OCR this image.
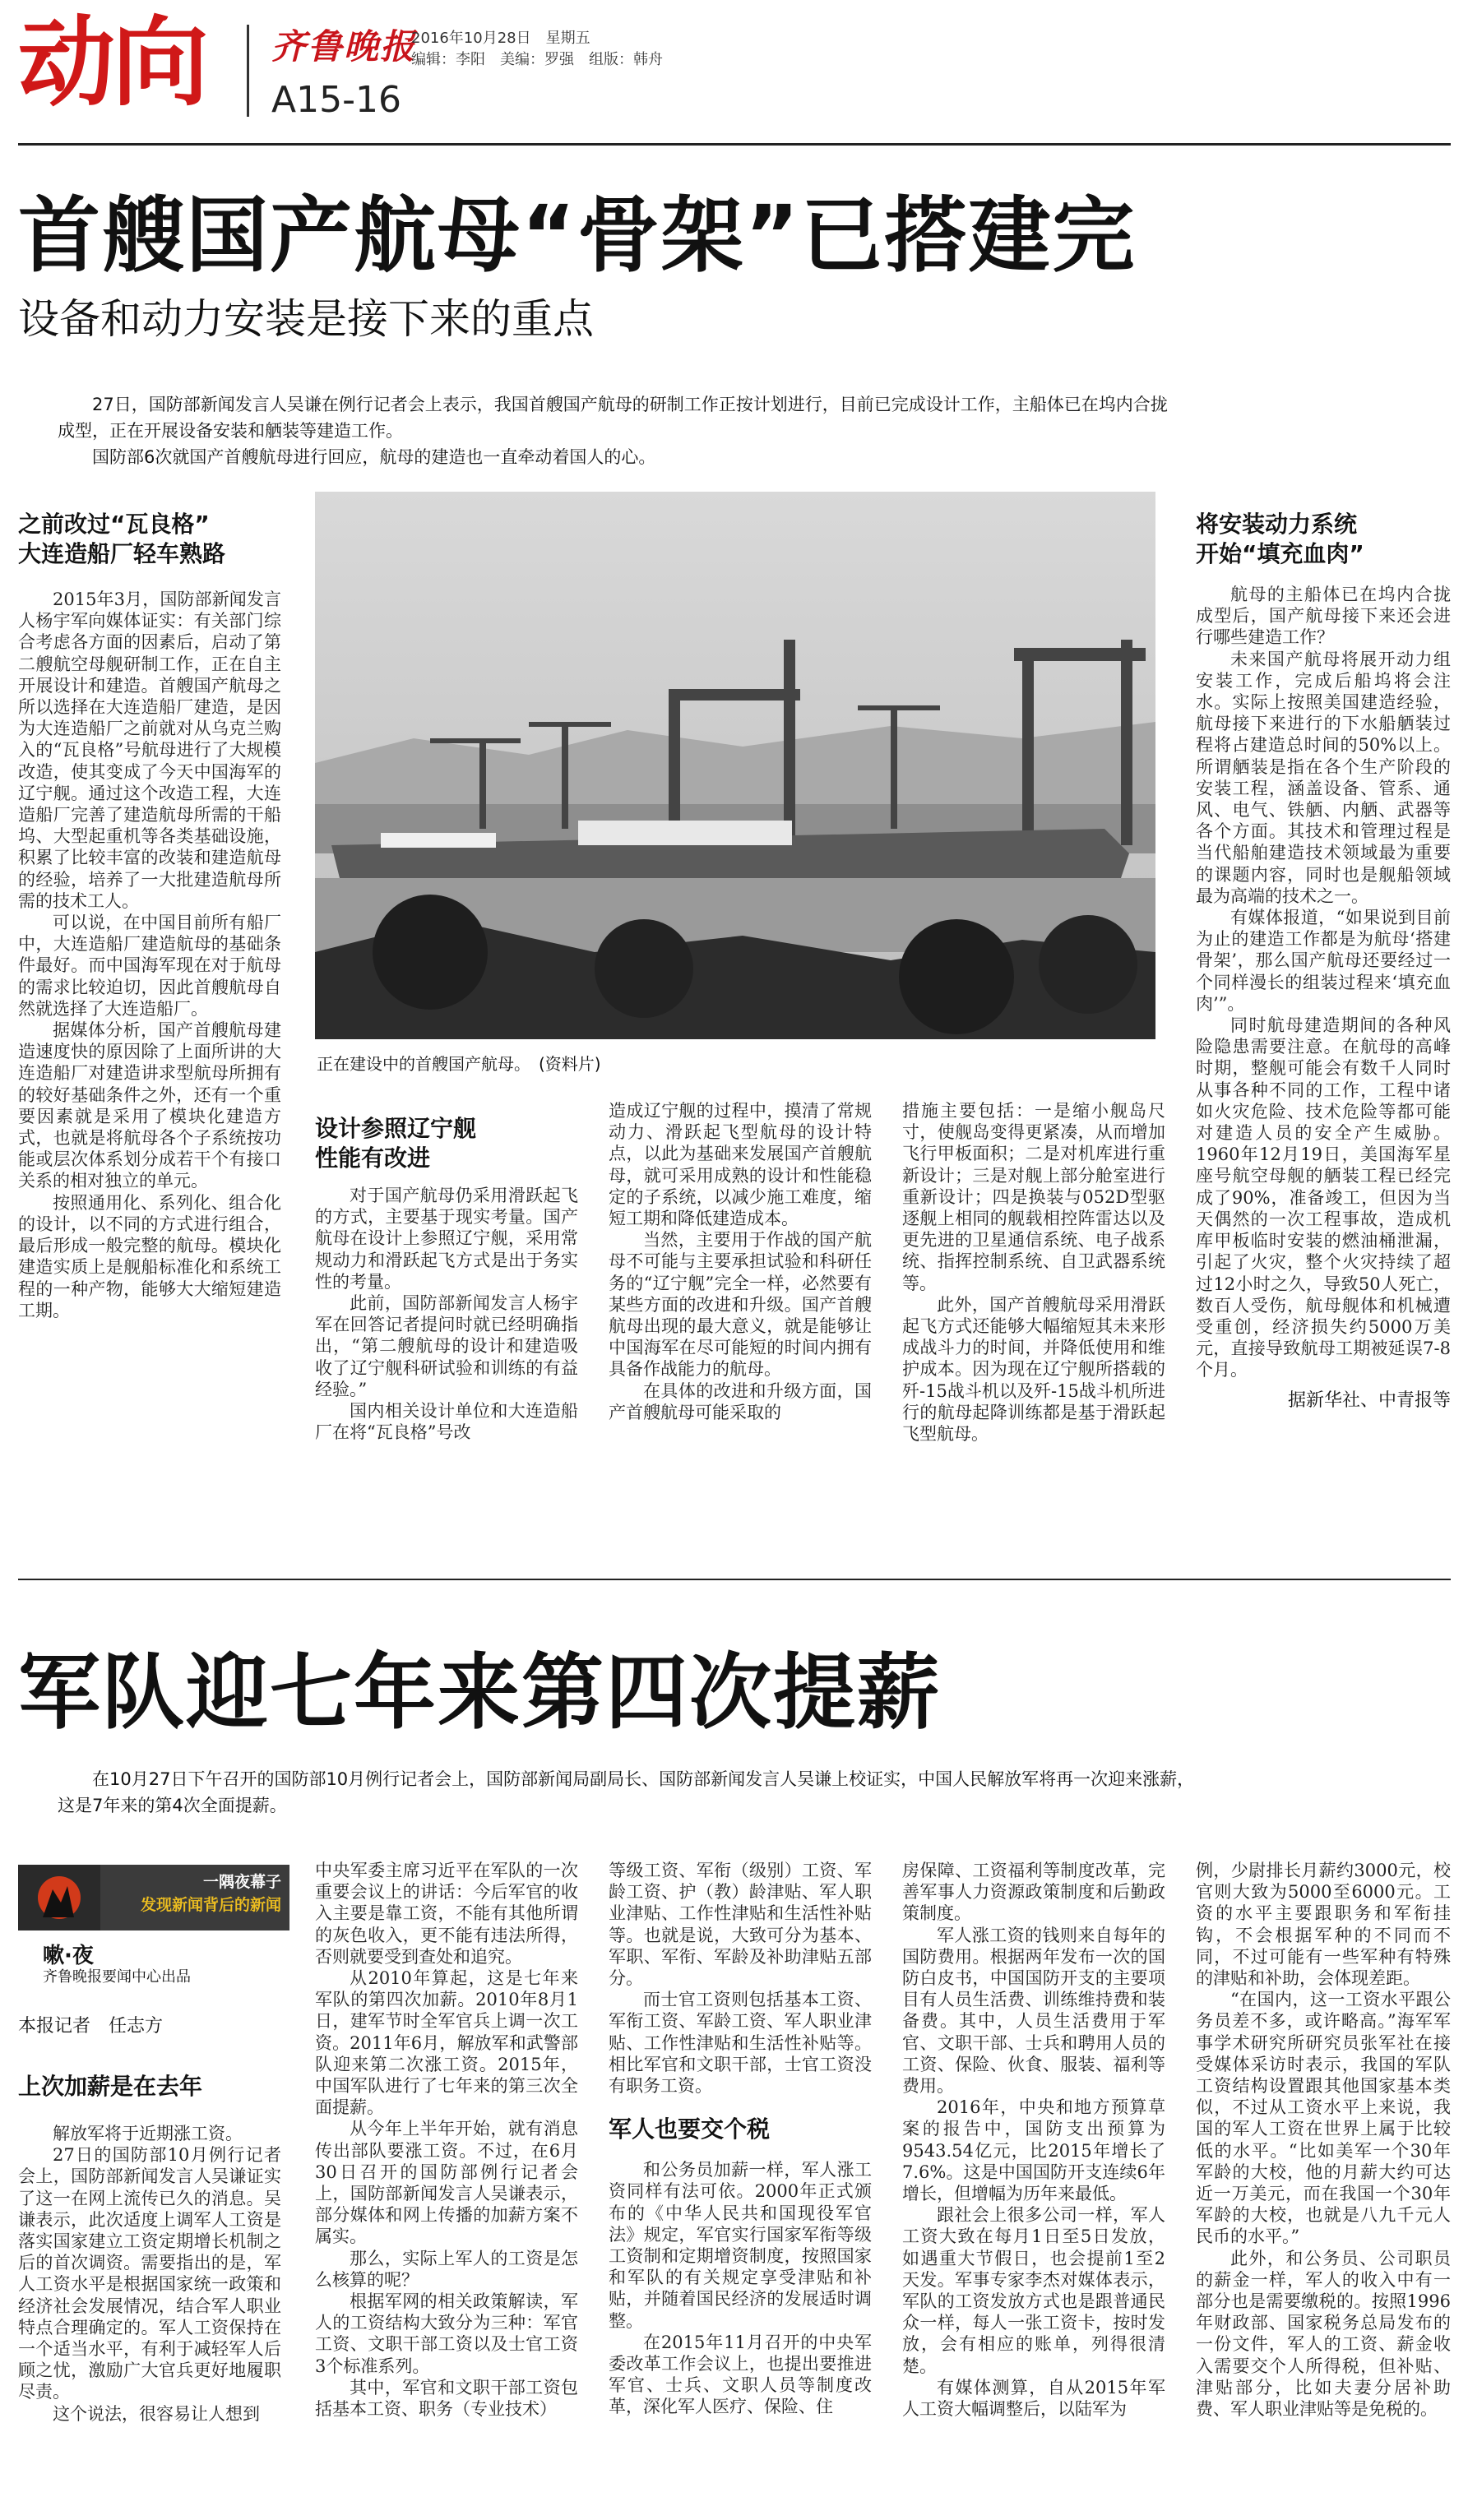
动向 齐鲁晚报
A15-16
2016年10月28日　星期五
编辑：李阳　美编：罗强　组版：韩舟
首艘国产航母“骨架”已搭建完
设备和动力安装是接下来的重点
27日，国防部新闻发言人吴谦在例行记者会上表示，我国首艘国产航母的研制工作正按计划进行，目前已完成设计工作，主船体已在坞内合拢成型，正在开展设备安装和舾装等建造工作。
国防部6次就国产首艘航母进行回应，航母的建造也一直牵动着国人的心。
正在建设中的首艘国产航母。　(资料片)
之前改过“瓦良格”
大连造船厂轻车熟路

2015年3月，国防部新闻发言人杨宇军向媒体证实：有关部门综合考虑各方面的因素后，启动了第二艘航空母舰研制工作，正在自主开展设计和建造。首艘国产航母之所以选择在大连造船厂建造，是因为大连造船厂之前就对从乌克兰购入的“瓦良格”号航母进行了大规模改造，使其变成了今天中国海军的辽宁舰。通过这个改造工程，大连造船厂完善了建造航母所需的干船坞、大型起重机等各类基础设施，积累了比较丰富的改装和建造航母的经验，培养了一大批建造航母所需的技术工人。

可以说，在中国目前所有船厂中，大连造船厂建造航母的基础条件最好。而中国海军现在对于航母的需求比较迫切，因此首艘航母自然就选择了大连造船厂。

据媒体分析，国产首艘航母建造速度快的原因除了上面所讲的大连造船厂对建造讲求型航母所拥有的较好基础条件之外，还有一个重要因素就是采用了模块化建造方式，也就是将航母各个子系统按功能或层次体系划分成若干个有接口关系的相对独立的单元。

按照通用化、系列化、组合化的设计，以不同的方式进行组合，最后形成一般完整的航母。模块化建造实质上是舰船标准化和系统工程的一种产物，能够大大缩短建造工期。

设计参照辽宁舰
性能有改进

对于国产航母仍采用滑跃起飞的方式，主要基于现实考量。国产航母在设计上参照辽宁舰，采用常规动力和滑跃起飞方式是出于务实性的考量。

此前，国防部新闻发言人杨宇军在回答记者提问时就已经明确指出，“第二艘航母的设计和建造吸收了辽宁舰科研试验和训练的有益经验。”

国内相关设计单位和大连造船厂在将“瓦良格”号改

造成辽宁舰的过程中，摸清了常规动力、滑跃起飞型航母的设计特点，以此为基础来发展国产首艘航母，就可采用成熟的设计和性能稳定的子系统，以减少施工难度，缩短工期和降低建造成本。

当然，主要用于作战的国产航母不可能与主要承担试验和科研任务的“辽宁舰”完全一样，必然要有某些方面的改进和升级。国产首艘航母出现的最大意义，就是能够让中国海军在尽可能短的时间内拥有具备作战能力的航母。

在具体的改进和升级方面，国产首艘航母可能采取的

措施主要包括：一是缩小舰岛尺寸，使舰岛变得更紧凑，从而增加飞行甲板面积；二是对机库进行重新设计；三是对舰上部分舱室进行重新设计；四是换装与052D型驱逐舰上相同的舰载相控阵雷达以及更先进的卫星通信系统、电子战系统、指挥控制系统、自卫武器系统等。

此外，国产首艘航母采用滑跃起飞方式还能够大幅缩短其未来形成战斗力的时间，并降低使用和维护成本。因为现在辽宁舰所搭载的歼-15战斗机以及歼-15战斗机所进行的航母起降训练都是基于滑跃起飞型航母。

将安装动力系统
开始“填充血肉”

航母的主船体已在坞内合拢成型后，国产航母接下来还会进行哪些建造工作？

未来国产航母将展开动力组安装工作，完成后船坞将会注水。实际上按照美国建造经验，航母接下来进行的下水船舾装过程将占建造总时间的50%以上。所谓舾装是指在各个生产阶段的安装工程，涵盖设备、管系、通风、电气、铁舾、内舾、武器等各个方面。其技术和管理过程是当代船舶建造技术领域最为重要的课题内容，同时也是舰船领域最为高端的技术之一。

有媒体报道，“如果说到目前为止的建造工作都是为航母‘搭建骨架’，那么国产航母还要经过一个同样漫长的组装过程来‘填充血肉’”。

同时航母建造期间的各种风险隐患需要注意。在航母的高峰时期，整舰可能会有数千人同时从事各种不同的工作，工程中诸如火灾危险、技术危险等都可能对建造人员的安全产生威胁。1960年12月19日，美国海军星座号航空母舰的舾装工程已经完成了90%，准备竣工，但因为当天偶然的一次工程事故，造成机库甲板临时安装的燃油桶泄漏，引起了火灾，整个火灾持续了超过12小时之久，导致50人死亡，数百人受伤，航母舰体和机械遭受重创，经济损失约5000万美元，直接导致航母工期被延误7-8个月。

据新华社、中青报等
军队迎七年来第四次提薪
在10月27日下午召开的国防部10月例行记者会上，国防部新闻局副局长、国防部新闻发言人吴谦上校证实，中国人民解放军将再一次迎来涨薪，这是7年来的第4次全面提薪。
一隅夜幕子
发现新闻背后的新闻
嗽·夜
齐鲁晚报要闻中心出品
本报记者　任志方
上次加薪是在去年

解放军将于近期涨工资。

27日的国防部10月例行记者会上，国防部新闻发言人吴谦证实了这一在网上流传已久的消息。吴谦表示，此次适度上调军人工资是落实国家建立工资定期增长机制之后的首次调资。需要指出的是，军人工资水平是根据国家统一政策和经济社会发展情况，结合军人职业特点合理确定的。军人工资保持在一个适当水平，有利于减轻军人后顾之忧，激励广大官兵更好地履职尽责。

这个说法，很容易让人想到

中央军委主席习近平在军队的一次重要会议上的讲话：今后军官的收入主要是靠工资，不能有其他所谓的灰色收入，更不能有违法所得，否则就要受到查处和追究。

从2010年算起，这是七年来军队的第四次加薪。2010年8月1日，建军节时全军官兵上调一次工资。2011年6月，解放军和武警部队迎来第二次涨工资。2015年，中国军队进行了七年来的第三次全面提薪。

从今年上半年开始，就有消息传出部队要涨工资。不过，在6月30日召开的国防部例行记者会上，国防部新闻发言人吴谦表示，部分媒体和网上传播的加薪方案不属实。

那么，实际上军人的工资是怎么核算的呢？

根据军网的相关政策解读，军人的工资结构大致分为三种：军官工资、文职干部工资以及士官工资3个标准系列。

其中，军官和文职干部工资包括基本工资、职务（专业技术）

等级工资、军衔（级别）工资、军龄工资、护（教）龄津贴、军人职业津贴、工作性津贴和生活性补贴等。也就是说，大致可分为基本、军职、军衔、军龄及补助津贴五部分。

而士官工资则包括基本工资、军衔工资、军龄工资、军人职业津贴、工作性津贴和生活性补贴等。相比军官和文职干部，士官工资没有职务工资。

军人也要交个税

和公务员加薪一样，军人涨工资同样有法可依。2000年正式颁布的《中华人民共和国现役军官法》规定，军官实行国家军衔等级工资制和定期增资制度，按照国家和军队的有关规定享受津贴和补贴，并随着国民经济的发展适时调整。

在2015年11月召开的中央军委改革工作会议上，也提出要推进军官、士兵、文职人员等制度改革，深化军人医疗、保险、住

房保障、工资福利等制度改革，完善军事人力资源政策制度和后勤政策制度。

军人涨工资的钱则来自每年的国防费用。根据两年发布一次的国防白皮书，中国国防开支的主要项目有人员生活费、训练维持费和装备费。其中，人员生活费用于军官、文职干部、士兵和聘用人员的工资、保险、伙食、服装、福利等费用。

2016年，中央和地方预算草案的报告中，国防支出预算为9543.54亿元，比2015年增长了7.6%。这是中国国防开支连续6年增长，但增幅为历年来最低。

跟社会上很多公司一样，军人工资大致在每月1日至5日发放，如遇重大节假日，也会提前1至2天发。军事专家李杰对媒体表示，军队的工资发放方式也是跟普通民众一样，每人一张工资卡，按时发放，会有相应的账单，列得很清楚。

有媒体测算，自从2015年军人工资大幅调整后，以陆军为

例，少尉排长月薪约3000元，校官则大致为5000至6000元。工资的水平主要跟职务和军衔挂钩，不会根据军种的不同而不同，不过可能有一些军种有特殊的津贴和补助，会体现差距。

“在国内，这一工资水平跟公务员差不多，或许略高。”海军军事学术研究所研究员张军社在接受媒体采访时表示，我国的军队工资结构设置跟其他国家基本类似，不过从工资水平上来说，我国的军人工资在世界上属于比较低的水平。“比如美军一个30年军龄的大校，他的月薪大约可达近一万美元，而在我国一个30年军龄的大校，也就是八九千元人民币的水平。”

此外，和公务员、公司职员的薪金一样，军人的收入中有一部分也是需要缴税的。按照1996年财政部、国家税务总局发布的一份文件，军人的工资、薪金收入需要交个人所得税，但补贴、津贴部分，比如夫妻分居补助费、军人职业津贴等是免税的。
